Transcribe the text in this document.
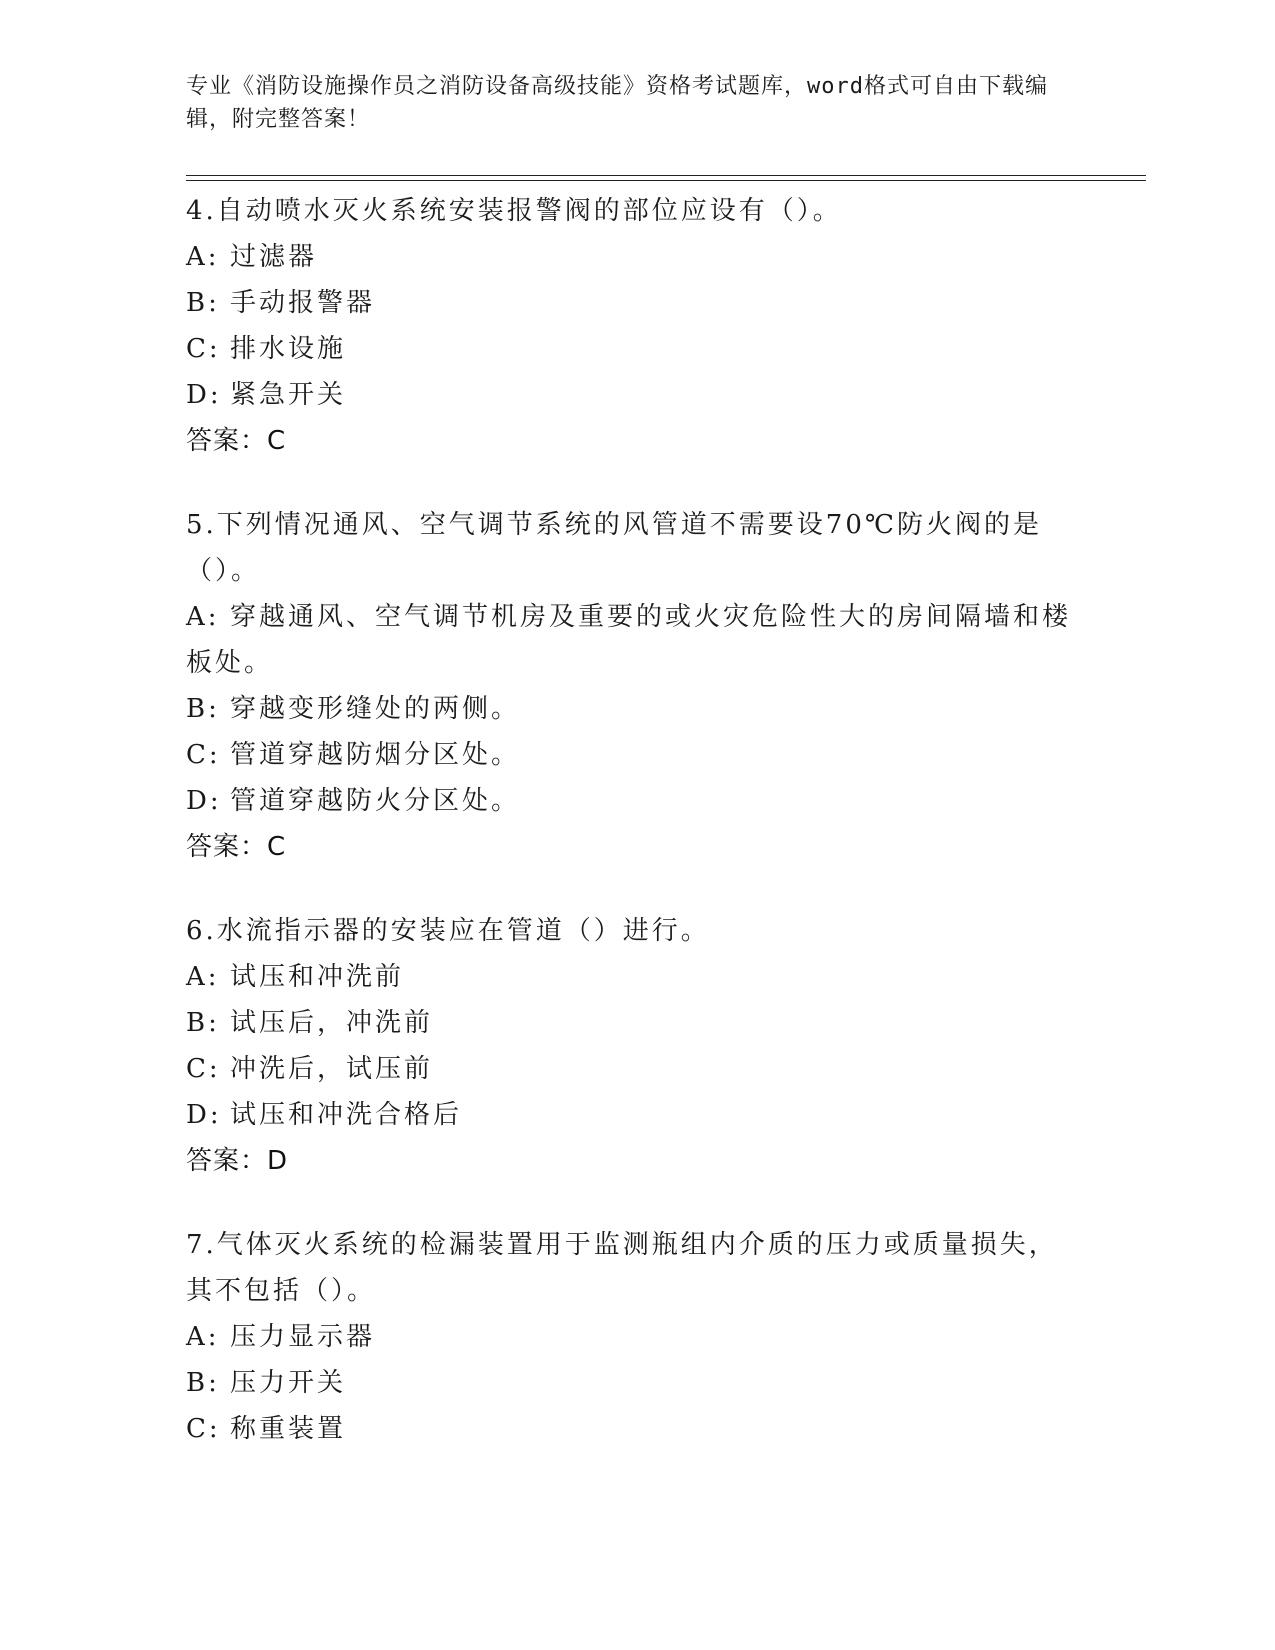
专业《消防设施操作员之消防设备高级技能》资格考试题库，word格式可自由下载编辑，附完整答案！
4.自动喷水灭火系统安装报警阀的部位应设有（）。
A: 过滤器
B: 手动报警器
C: 排水设施
D: 紧急开关
答案：C
5.下列情况通风、空气调节系统的风管道不需要设70℃防火阀的是（）。
A: 穿越通风、空气调节机房及重要的或火灾危险性大的房间隔墙和楼板处。
B: 穿越变形缝处的两侧。
C: 管道穿越防烟分区处。
D: 管道穿越防火分区处。
答案：C
6.水流指示器的安装应在管道（）进行。
A: 试压和冲洗前
B: 试压后，冲洗前
C: 冲洗后，试压前
D: 试压和冲洗合格后
答案：D
7.气体灭火系统的检漏装置用于监测瓶组内介质的压力或质量损失，其不包括（）。
A: 压力显示器
B: 压力开关
C: 称重装置
